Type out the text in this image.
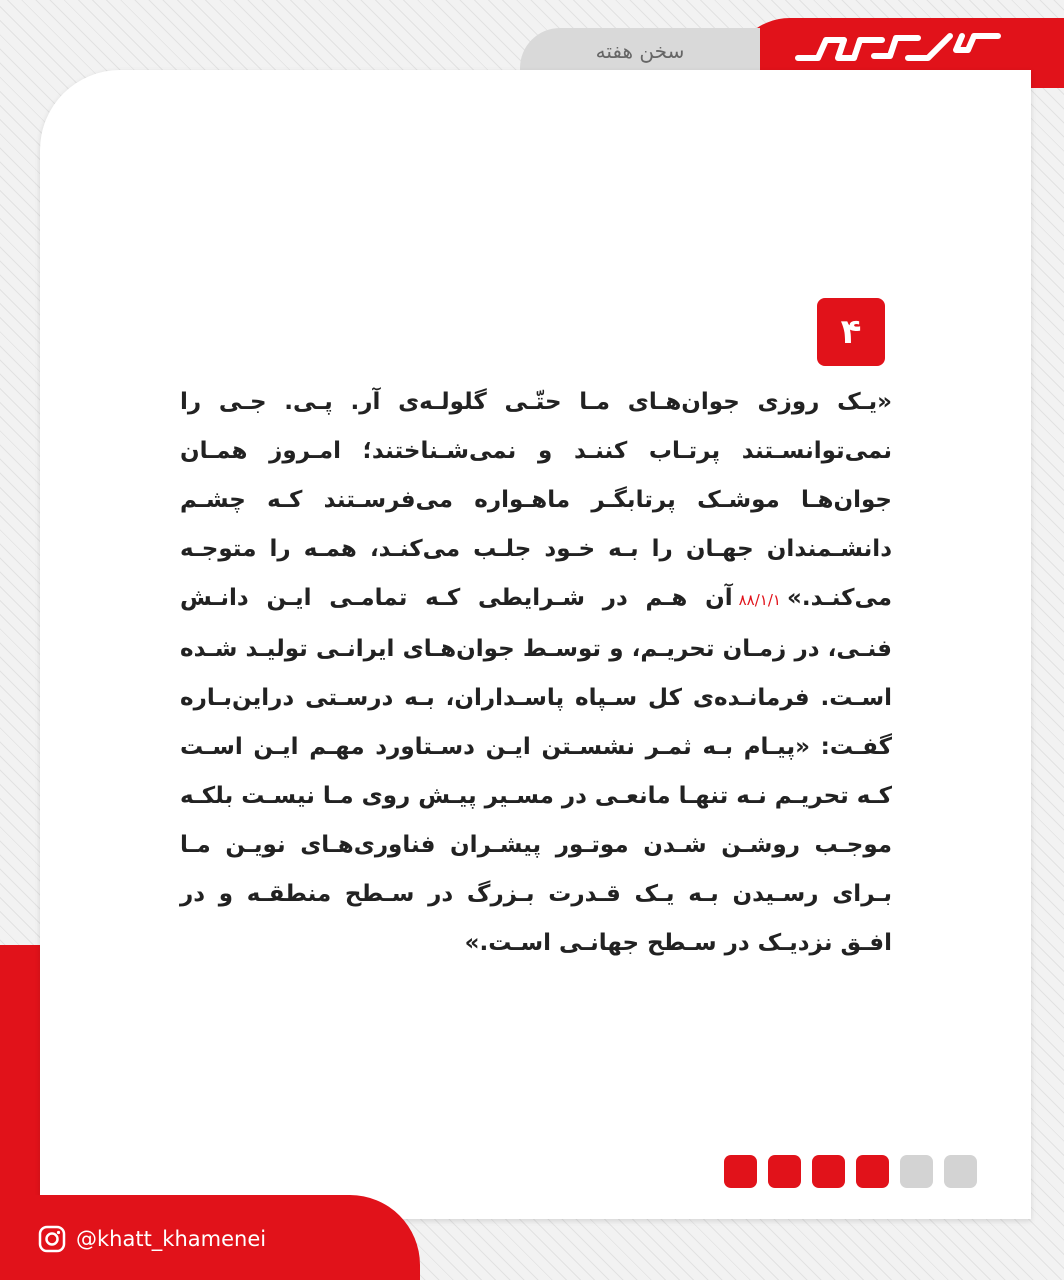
سخن هفته
۴

«یـک روزی جوان‌هـای مـا حتّـی گلولـه‌ی آر. پـی. جـی را نمی‌توانسـتند پرتـاب کننـد و نمی‌شـناختند؛ امـروز همـان جوان‌هـا موشـک پرتابگـر ماهـواره می‌فرسـتند کـه چشـم دانشـمندان جهـان را بـه خـود جلـب می‌کنـد، همـه را متوجـه می‌کنـد.»۸۸/۱/۱آن هـم در شـرایطی کـه تمامـی ایـن دانـش فنـی، در زمـان تحریـم، و توسـط جوان‌هـای ایرانـی تولیـد شـده اسـت. فرمانـده‌ی کل سـپاه پاسـداران، بـه درسـتی دراین‌بـاره گفـت: «پیـام بـه ثمـر نشسـتن ایـن دسـتاورد مهـم ایـن اسـت کـه تحریـم نـه تنهـا مانعـی در مسـیر پیـش روی مـا نیسـت بلکـه موجـب روشـن شـدن موتـور پیشـران فناوری‌هـای نویـن مـا بـرای رسـیدن بـه یـک قـدرت بـزرگ در سـطح منطقـه و در افـق نزدیـک در سـطح جهانـی اسـت.»

@khatt_khamenei
